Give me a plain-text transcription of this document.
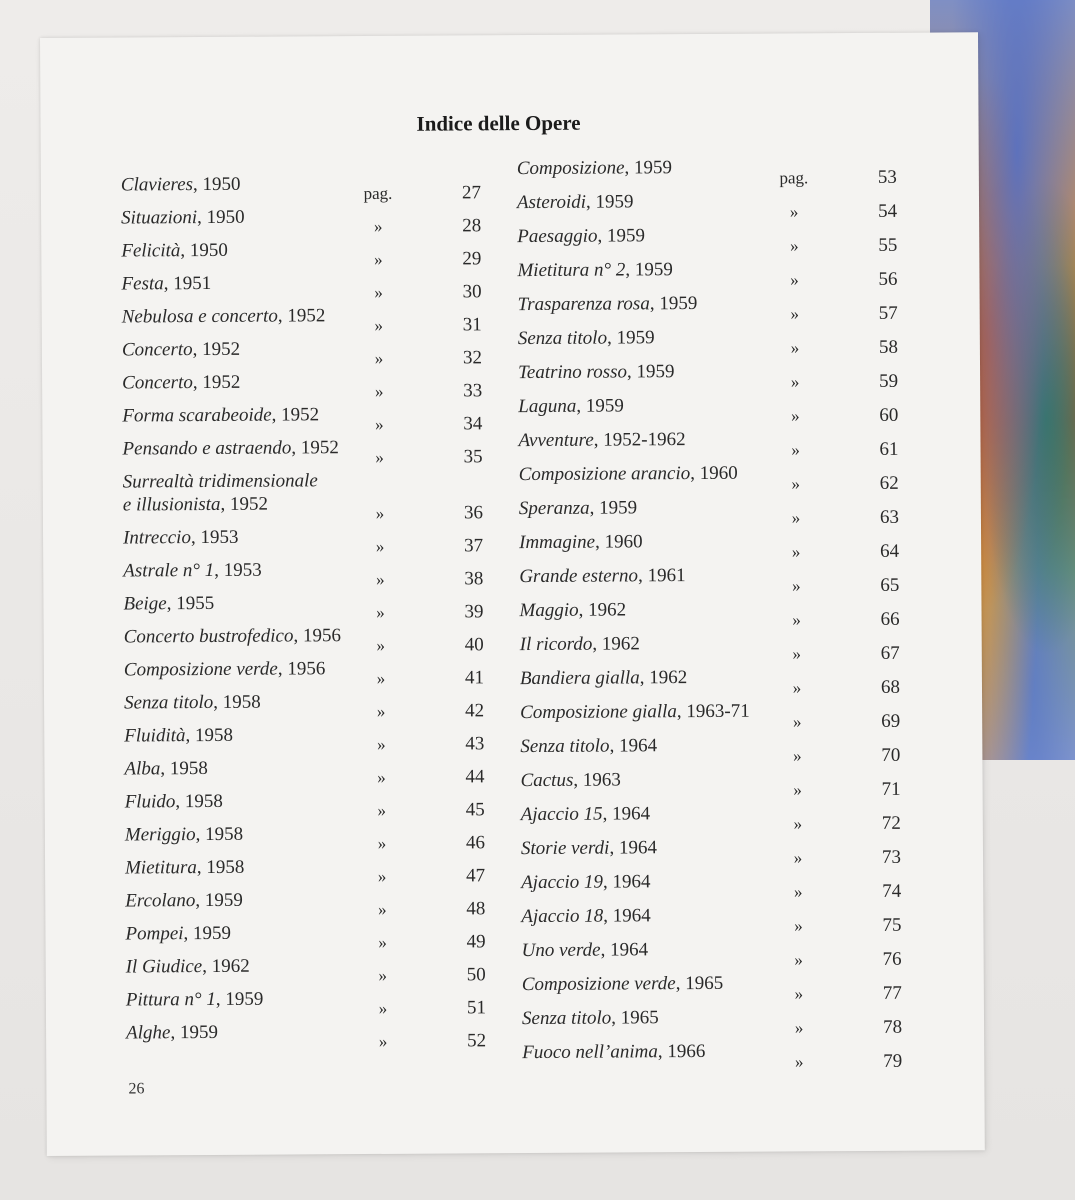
Indice delle Opere
Clavieres, 1950	pag.	27
Situazioni, 1950	»	28
Felicità, 1950	»	29
Festa, 1951	»	30
Nebulosa e concerto, 1952	»	31
Concerto, 1952	»	32
Concerto, 1952	»	33
Forma scarabeoide, 1952	»	34
Pensando e astraendo, 1952	»	35
Surrealtà tridimensionale
e illusionista, 1952	»	36
Intreccio, 1953	»	37
Astrale n° 1, 1953	»	38
Beige, 1955	»	39
Concerto bustrofedico, 1956	»	40
Composizione verde, 1956	»	41
Senza titolo, 1958	»	42
Fluidità, 1958	»	43
Alba, 1958	»	44
Fluido, 1958	»	45
Meriggio, 1958	»	46
Mietitura, 1958	»	47
Ercolano, 1959	»	48
Pompei, 1959	»	49
Il Giudice, 1962	»	50
Pittura n° 1, 1959	»	51
Alghe, 1959	»	52
Composizione, 1959	pag.	53
Asteroidi, 1959	»	54
Paesaggio, 1959	»	55
Mietitura n° 2, 1959	»	56
Trasparenza rosa, 1959	»	57
Senza titolo, 1959	»	58
Teatrino rosso, 1959	»	59
Laguna, 1959	»	60
Avventure, 1952-1962	»	61
Composizione arancio, 1960	»	62
Speranza, 1959	»	63
Immagine, 1960	»	64
Grande esterno, 1961	»	65
Maggio, 1962	»	66
Il ricordo, 1962	»	67
Bandiera gialla, 1962	»	68
Composizione gialla, 1963-71	»	69
Senza titolo, 1964	»	70
Cactus, 1963	»	71
Ajaccio 15, 1964	»	72
Storie verdi, 1964	»	73
Ajaccio 19, 1964	»	74
Ajaccio 18, 1964	»	75
Uno verde, 1964	»	76
Composizione verde, 1965	»	77
Senza titolo, 1965	»	78
Fuoco nell’anima, 1966	»	79
26
